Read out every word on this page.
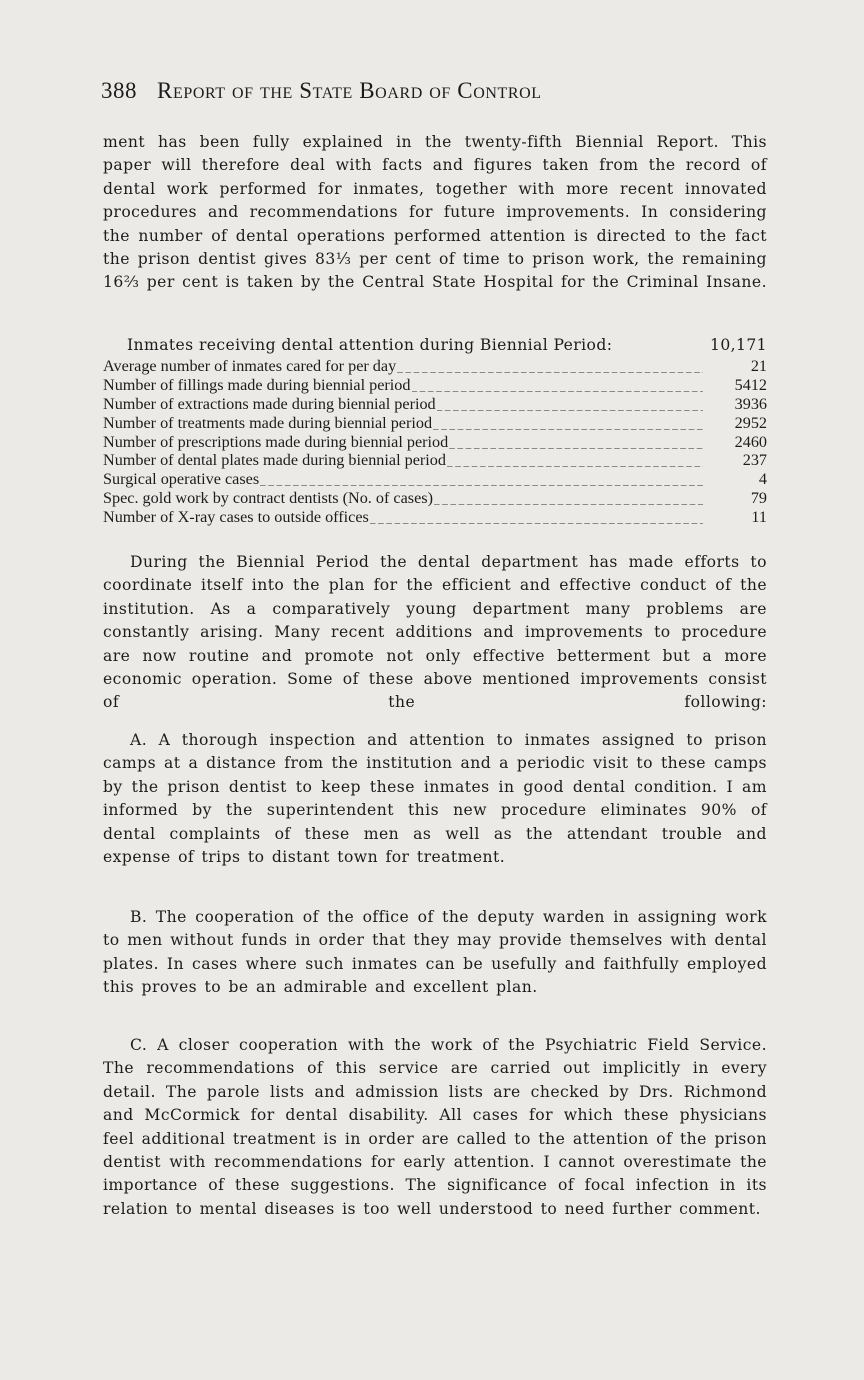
388 Report of the State Board of Control

ment has been fully explained in the twenty-fifth Biennial Report. This paper will therefore deal with facts and figures taken from the record of dental work performed for inmates, together with more recent innovated procedures and recommendations for future improvements. In considering the number of dental operations performed attention is directed to the fact the prison dentist gives 83⅓ per cent of time to prison work, the remaining 16⅔ per cent is taken by the Central State Hospital for the Criminal Insane.

Inmates receiving dental attention during Biennial Period:	10,171
Average number of inmates cared for per day _ _ _	21
Number of fillings made during biennial period _ _ _	5412
Number of extractions made during biennial period _ _ _	3936
Number of treatments made during biennial period _ _ _	2952
Number of prescriptions made during biennial period _ _ _	2460
Number of dental plates made during biennial period _ _ _	237
Surgical operative cases _ _ _	4
Spec. gold work by contract dentists (No. of cases) _ _ _	79
Number of X-ray cases to outside offices _ _ _	11

During the Biennial Period the dental department has made efforts to coordinate itself into the plan for the efficient and effective conduct of the institution. As a comparatively young department many problems are constantly arising. Many recent additions and improvements to procedure are now routine and promote not only effective betterment but a more economic operation. Some of these above mentioned improvements consist of the following:

A. A thorough inspection and attention to inmates assigned to prison camps at a distance from the institution and a periodic visit to these camps by the prison dentist to keep these inmates in good dental condition. I am informed by the superintendent this new procedure eliminates 90% of dental complaints of these men as well as the attendant trouble and expense of trips to distant town for treatment.

B. The cooperation of the office of the deputy warden in assigning work to men without funds in order that they may provide themselves with dental plates. In cases where such inmates can be usefully and faithfully employed this proves to be an admirable and excellent plan.

C. A closer cooperation with the work of the Psychiatric Field Service. The recommendations of this service are carried out implicitly in every detail. The parole lists and admission lists are checked by Drs. Richmond and McCormick for dental disability. All cases for which these physicians feel additional treatment is in order are called to the attention of the prison dentist with recommendations for early attention. I cannot overestimate the importance of these suggestions. The significance of focal infection in its relation to mental diseases is too well understood to need further comment.
